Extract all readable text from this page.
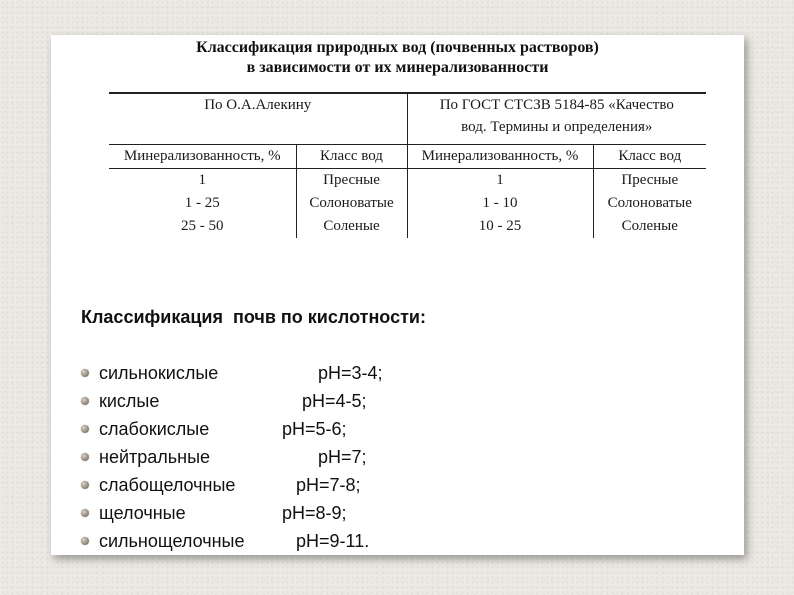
Классификация природных вод (почвенных растворов)
в зависимости от их минерализованности
По О.А.Алекину		По ГОСТ СТСЗВ 5184-85 «Качество
вод. Термины и определения»	

Минерализованность, %	Класс вод	Минерализованность, %	Класс вод
1	Пресные	1	Пресные
1 - 25	Солоноватые	1 - 10	Солоноватые
25 - 50	Соленые	10 - 25	Соленые
Классификация  почв по кислотности:
сильнокислые	pH=3-4;
кислые	pH=4-5;
слабокислые	pH=5-6;
нейтральные	pH=7;
слабощелочные	pH=7-8;
щелочные	pH=8-9;
сильнощелочные	pH=9-11.
